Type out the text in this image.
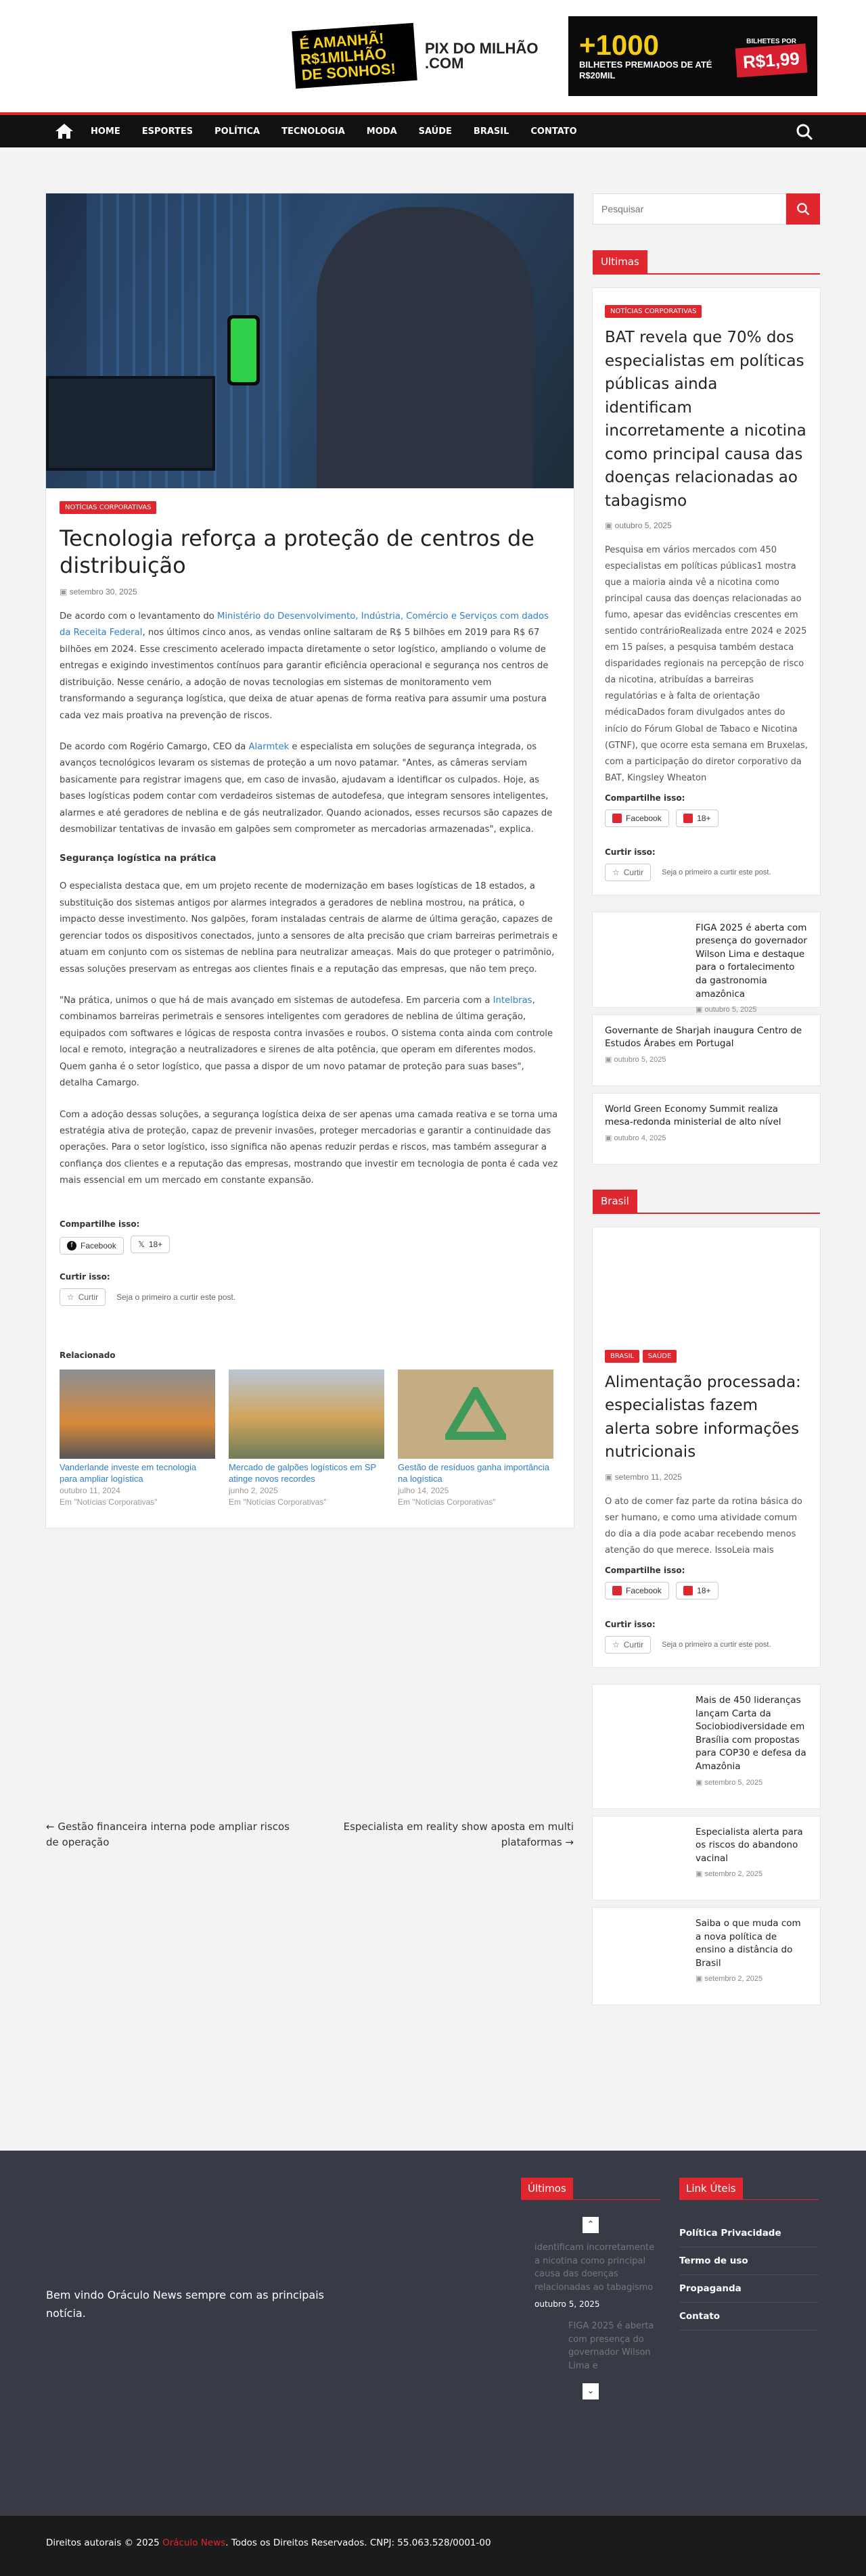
É AMANHÃ! R$1MILHÃO DE SONHOS!
PIX DO MILHÃO .COM
+1000
BILHETES PREMIADOS DE ATÉ R$20MIL
BILHETES POR
R$1,99
HOME ESPORTES POLÍTICA TECNOLOGIA MODA SAÚDE BRASIL CONTATO
NOTÍCIAS CORPORATIVAS
Tecnologia reforça a proteção de centros de distribuição
▣ setembro 30, 2025

De acordo com o levantamento do Ministério do Desenvolvimento, Indústria, Comércio e Serviços com dados da Receita Federal, nos últimos cinco anos, as vendas online saltaram de R$ 5 bilhões em 2019 para R$ 67 bilhões em 2024. Esse crescimento acelerado impacta diretamente o setor logístico, ampliando o volume de entregas e exigindo investimentos contínuos para garantir eficiência operacional e segurança nos centros de distribuição. Nesse cenário, a adoção de novas tecnologias em sistemas de monitoramento vem transformando a segurança logística, que deixa de atuar apenas de forma reativa para assumir uma postura cada vez mais proativa na prevenção de riscos.

De acordo com Rogério Camargo, CEO da Alarmtek e especialista em soluções de segurança integrada, os avanços tecnológicos levaram os sistemas de proteção a um novo patamar. "Antes, as câmeras serviam basicamente para registrar imagens que, em caso de invasão, ajudavam a identificar os culpados. Hoje, as bases logísticas podem contar com verdadeiros sistemas de autodefesa, que integram sensores inteligentes, alarmes e até geradores de neblina e de gás neutralizador. Quando acionados, esses recursos são capazes de desmobilizar tentativas de invasão em galpões sem comprometer as mercadorias armazenadas", explica.

Segurança logística na prática

O especialista destaca que, em um projeto recente de modernização em bases logísticas de 18 estados, a substituição dos sistemas antigos por alarmes integrados a geradores de neblina mostrou, na prática, o impacto desse investimento. Nos galpões, foram instaladas centrais de alarme de última geração, capazes de gerenciar todos os dispositivos conectados, junto a sensores de alta precisão que criam barreiras perimetrais e atuam em conjunto com os sistemas de neblina para neutralizar ameaças. Mais do que proteger o patrimônio, essas soluções preservam as entregas aos clientes finais e a reputação das empresas, que não tem preço.

"Na prática, unimos o que há de mais avançado em sistemas de autodefesa. Em parceria com a Intelbras, combinamos barreiras perimetrais e sensores inteligentes com geradores de neblina de última geração, equipados com softwares e lógicas de resposta contra invasões e roubos. O sistema conta ainda com controle local e remoto, integração a neutralizadores e sirenes de alta potência, que operam em diferentes modos. Quem ganha é o setor logístico, que passa a dispor de um novo patamar de proteção para suas bases", detalha Camargo.

Com a adoção dessas soluções, a segurança logística deixa de ser apenas uma camada reativa e se torna uma estratégia ativa de proteção, capaz de prevenir invasões, proteger mercadorias e garantir a continuidade das operações. Para o setor logístico, isso significa não apenas reduzir perdas e riscos, mas também assegurar a confiança dos clientes e a reputação das empresas, mostrando que investir em tecnologia de ponta é cada vez mais essencial em um mercado em constante expansão.

Compartilhe isso:
f Facebook
	𝕏 18+
Curtir isso:
☆ Curtir Seja o primeiro a curtir este post.
Relacionado
Vanderlande investe em tecnologia para ampliar logística
outubro 11, 2024
Em "Notícias Corporativas"
Mercado de galpões logísticos em SP atinge novos recordes
junho 2, 2025
Em "Notícias Corporativas"
Gestão de resíduos ganha importância na logística
julho 14, 2025
Em "Notícias Corporativas"
← Gestão financeira interna pode ampliar riscos de operação
Especialista em reality show aposta em multi plataformas →
Pesquisar
Ultimas
NOTÍCIAS CORPORATIVAS
BAT revela que 70% dos especialistas em políticas públicas ainda identificam incorretamente a nicotina como principal causa das doenças relacionadas ao tabagismo
▣ outubro 5, 2025
Pesquisa em vários mercados com 450 especialistas em políticas públicas1 mostra que a maioria ainda vê a nicotina como principal causa das doenças relacionadas ao fumo, apesar das evidências crescentes em sentido contrárioRealizada entre 2024 e 2025 em 15 países, a pesquisa também destaca disparidades regionais na percepção de risco da nicotina, atribuídas a barreiras regulatórias e à falta de orientação médicaDados foram divulgados antes do início do Fórum Global de Tabaco e Nicotina (GTNF), que ocorre esta semana em Bruxelas, com a participação do diretor corporativo da BAT, Kingsley Wheaton
Compartilhe isso:
Facebook
	18+
Curtir isso:
☆ Curtir Seja o primeiro a curtir este post.
FIGA 2025 é aberta com presença do governador Wilson Lima e destaque para o fortalecimento da gastronomia amazônica
▣ outubro 5, 2025
Governante de Sharjah inaugura Centro de Estudos Árabes em Portugal
▣ outubro 5, 2025
World Green Economy Summit realiza mesa-redonda ministerial de alto nível
▣ outubro 4, 2025
Brasil
BRASIL SAÚDE
Alimentação processada: especialistas fazem alerta sobre informações nutricionais
▣ setembro 11, 2025
O ato de comer faz parte da rotina básica do ser humano, e como uma atividade comum do dia a dia pode acabar recebendo menos atenção do que merece. IssoLeia mais
Compartilhe isso:
Facebook
	18+
Curtir isso:
☆ Curtir Seja o primeiro a curtir este post.
Mais de 450 lideranças lançam Carta da Sociobiodiversidade em Brasília com propostas para COP30 e defesa da Amazônia
▣ setembro 5, 2025
Especialista alerta para os riscos do abandono vacinal
▣ setembro 2, 2025
Saiba o que muda com a nova política de ensino a distância do Brasil
▣ setembro 2, 2025
Bem vindo Oráculo News sempre com as principais notícia.
Últimos
⌃
identificam incorretamente a nicotina como principal causa das doenças relacionadas ao tabagismo
outubro 5, 2025
FIGA 2025 é aberta com presença do governador Wilson Lima e
⌄
Link Úteis
Política Privacidade
Termo de uso
Propaganda
Contato
Direitos autorais © 2025 Oráculo News. Todos os Direitos Reservados. CNPJ: 55.063.528/0001-00
